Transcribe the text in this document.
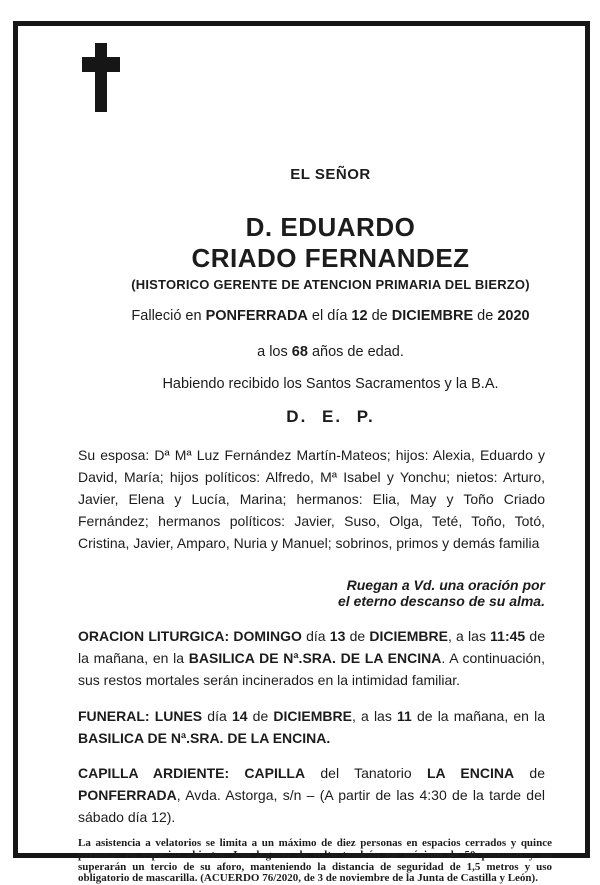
EL SEÑOR
D. EDUARDO
CRIADO FERNANDEZ
(HISTORICO GERENTE DE ATENCION PRIMARIA DEL BIERZO)
Falleció en PONFERRADA el día 12 de DICIEMBRE de 2020
a los 68 años de edad.
Habiendo recibido los Santos Sacramentos y la B.A.
D. E. P.

Su esposa: Dª Mª Luz Fernández Martín-Mateos; hijos: Alexia, Eduardo y David, María; hijos políticos: Alfredo, Mª Isabel y Yonchu; nietos: Arturo, Javier, Elena y Lucía, Marina; hermanos: Elia, May y Toño Criado Fernández; hermanos políticos: Javier, Suso, Olga, Teté, Toño, Totó, Cristina, Javier, Amparo, Nuria y Manuel; sobrinos, primos y demás familia

Ruegan a Vd. una oración por
el eterno descanso de su alma.

ORACION LITURGICA: DOMINGO día 13 de DICIEMBRE, a las 11:45 de la mañana, en la BASILICA DE Nª.SRA. DE LA ENCINA. A continuación, sus restos mortales serán incinerados en la intimidad familiar.

FUNERAL: LUNES día 14 de DICIEMBRE, a las 11 de la mañana, en la BASILICA DE Nª.SRA. DE LA ENCINA.

CAPILLA ARDIENTE: CAPILLA del Tanatorio LA ENCINA de PONFERRADA, Avda. Astorga, s/n – (A partir de las 4:30 de la tarde del sábado día 12).

La asistencia a velatorios se limita a un máximo de diez personas en espacios cerrados y quince personas en espacios abiertos. Los lugares de culto tendrán un máximo de 50 personas y no superarán un tercio de su aforo, manteniendo la distancia de seguridad de 1,5 metros y uso obligatorio de mascarilla. (ACUERDO 76/2020, de 3 de noviembre de la Junta de Castilla y León).
